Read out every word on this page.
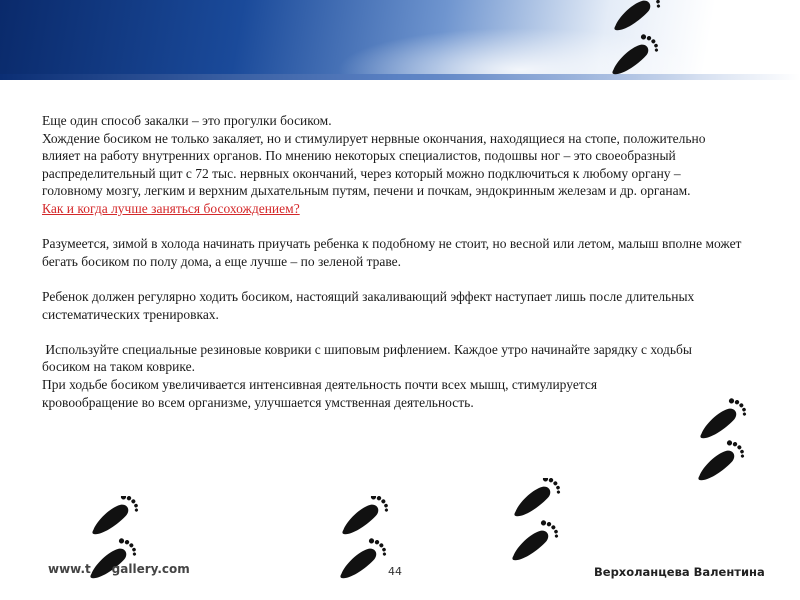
Еще один способ закалки – это прогулки босиком.

Хождение босиком не только закаляет, но и стимулирует нервные окончания, находящиеся на стопе, положительно влияет на работу внутренних органов. По мнению некоторых специалистов, подошвы ног – это своеобразный распределительный щит с 72 тыс. нервных окончаний, через который можно подключиться к любому органу – головному мозгу, легким и верхним дыхательным путям, печени и почкам, эндокринным железам и др. органам.

Как и когда лучше заняться босохождением?

Разумеется, зимой в холода начинать приучать ребенка к подобному не стоит, но весной или летом, малыш вполне может бегать босиком по полу дома, а еще лучше – по зеленой траве.

Ребенок должен регулярно ходить босиком, настоящий закаливающий эффект наступает лишь после длительных систематических тренировках.

Используйте специальные резиновые коврики с шиповым рифлением. Каждое утро начинайте зарядку с ходьбы босиком на таком коврике.

При ходьбе босиком увеличивается интенсивная деятельность почти всех мышц, стимулируется кровообращение во всем организме, улучшается умственная деятельность.

www.t     gallery.com	44	Верхоланцева Валентина
